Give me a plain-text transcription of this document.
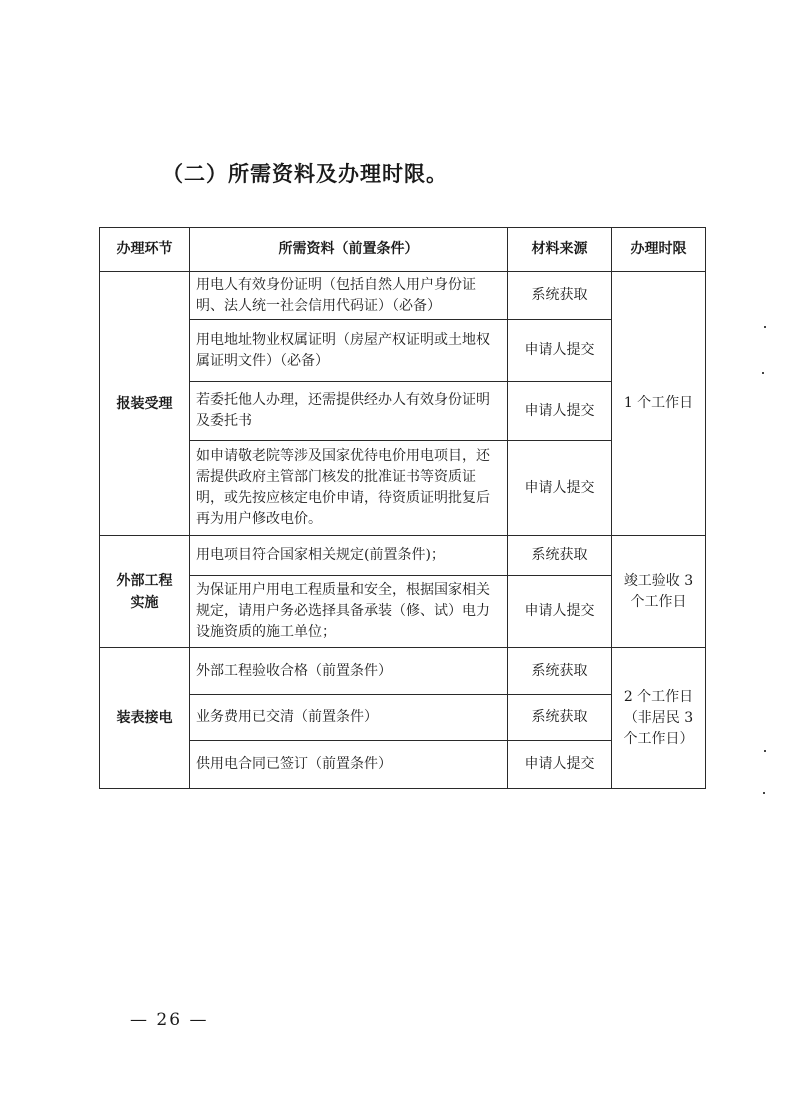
（二）所需资料及办理时限。
办理环节	所需资料（前置条件）	材料来源	办理时限
报装受理	用电人有效身份证明（包括自然人用户身份证明、法人统一社会信用代码证）（必备）	系统获取	1 个工作日
	用电地址物业权属证明（房屋产权证明或土地权属证明文件）（必备）	申请人提交	
	若委托他人办理，还需提供经办人有效身份证明及委托书	申请人提交	
	如申请敬老院等涉及国家优待电价用电项目，还需提供政府主管部门核发的批准证书等资质证明，或先按应核定电价申请，待资质证明批复后再为用户修改电价。	申请人提交	
外部工程实施	用电项目符合国家相关规定(前置条件)；	系统获取	竣工验收 3 个工作日
	为保证用户用电工程质量和安全，根据国家相关规定，请用户务必选择具备承装（修、试）电力设施资质的施工单位；	申请人提交	
装表接电	外部工程验收合格（前置条件）	系统获取	2 个工作日（非居民 3 个工作日）
	业务费用已交清（前置条件）	系统获取	
	供用电合同已签订（前置条件）	申请人提交	
— 26 —
